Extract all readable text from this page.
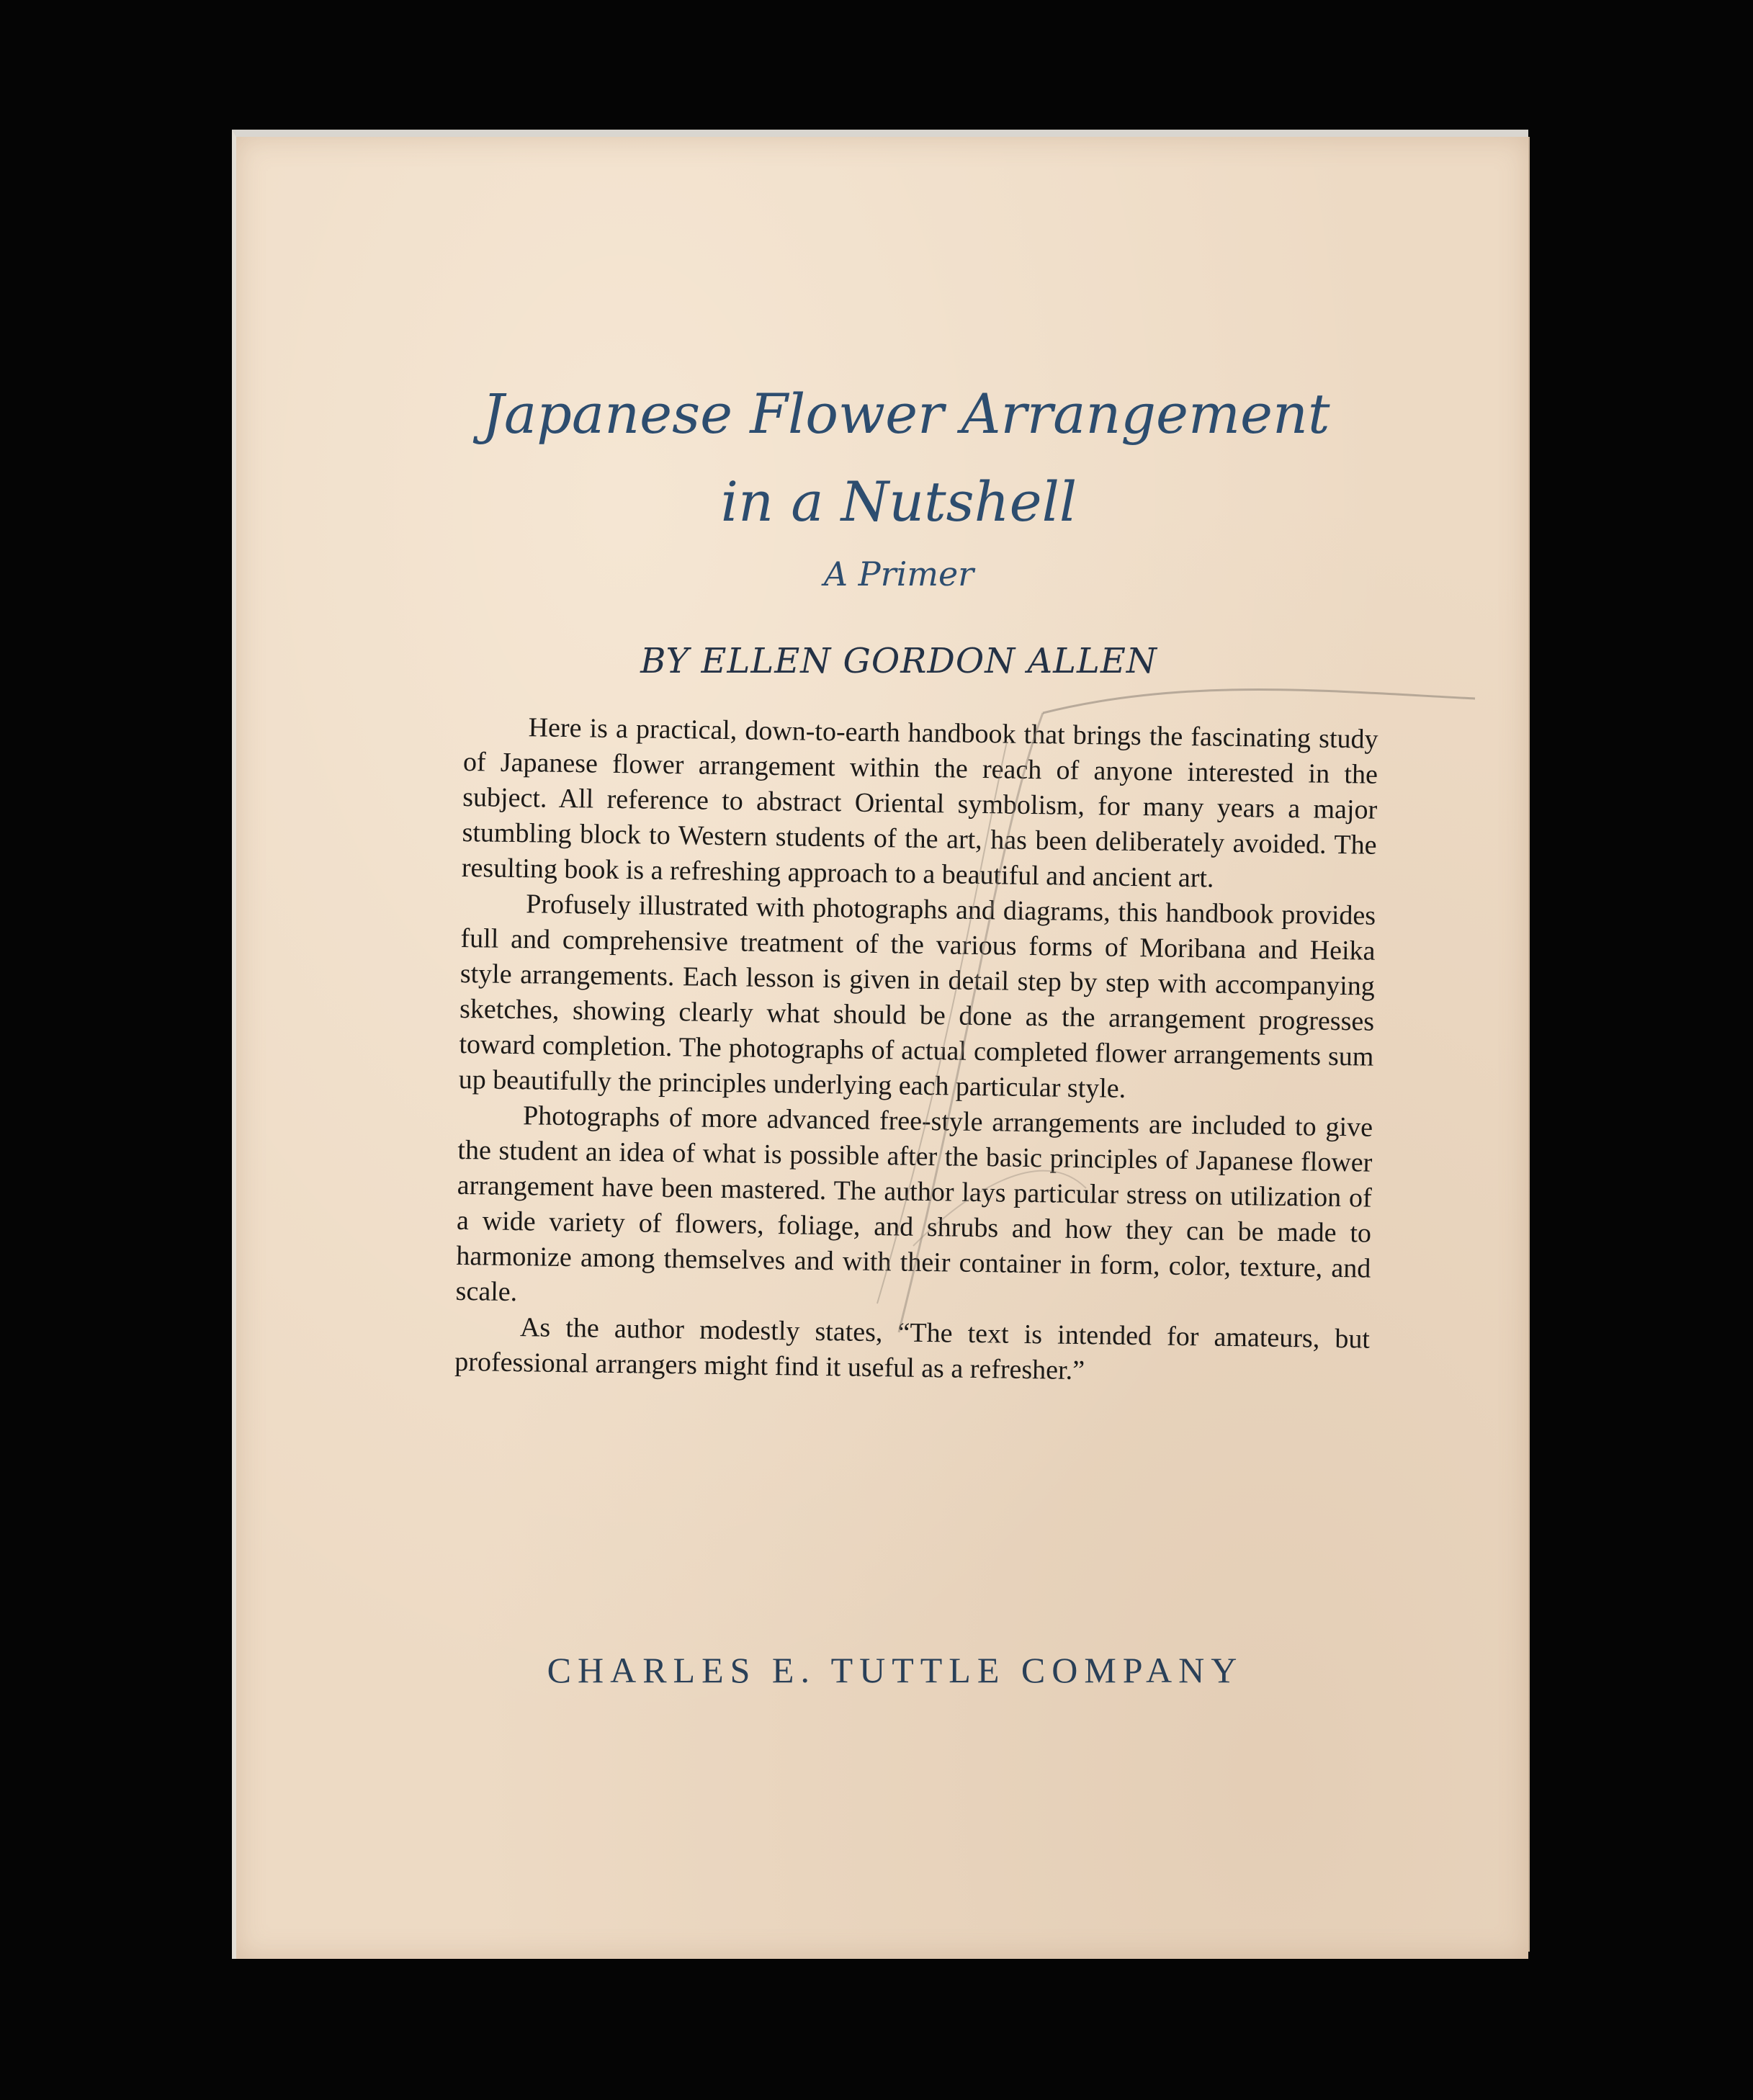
Japanese Flower Arrangement
in a Nutshell
A Primer
BY ELLEN GORDON ALLEN

Here is a practical, down-to-earth handbook that brings the fascinating study of Japanese flower arrangement within the reach of anyone interested in the subject. All reference to abstract Oriental symbolism, for many years a major stumbling block to Western students of the art, has been deliberately avoided. The resulting book is a refreshing approach to a beautiful and ancient art.

Profusely illustrated with photographs and diagrams, this handbook provides full and comprehensive treatment of the various forms of Moribana and Heika style arrangements. Each lesson is given in detail step by step with accompanying sketches, showing clearly what should be done as the arrangement progresses toward completion. The photographs of actual completed flower arrangements sum up beautifully the principles underlying each particular style.

Photographs of more advanced free-style arrangements are included to give the student an idea of what is possible after the basic principles of Japanese flower arrangement have been mastered. The author lays particular stress on utilization of a wide variety of flowers, foliage, and shrubs and how they can be made to harmonize among themselves and with their container in form, color, texture, and scale.

As the author modestly states, “The text is intended for amateurs, but professional arrangers might find it useful as a refresher.”

CHARLES E. TUTTLE COMPANY
